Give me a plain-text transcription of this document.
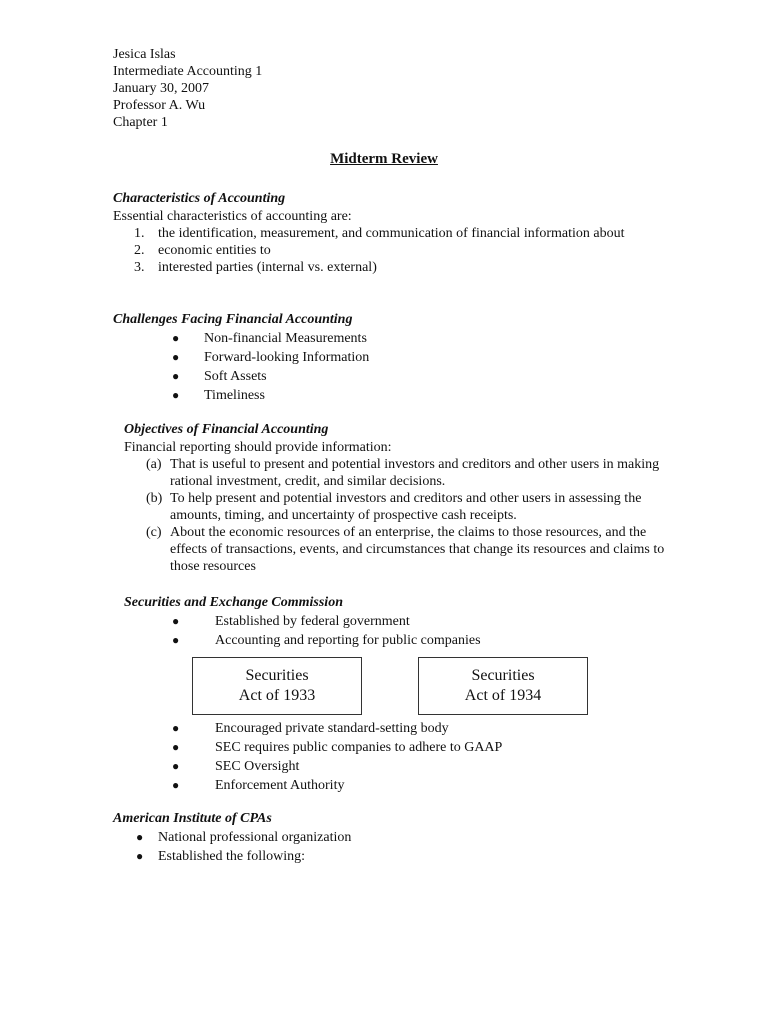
Jesica Islas
Intermediate Accounting 1
January 30, 2007
Professor A. Wu
Chapter 1
Midterm Review
Characteristics of Accounting
Essential characteristics of accounting are:
1. the identification, measurement, and communication of financial information about
2. economic entities to
3. interested parties (internal vs. external)
Challenges Facing Financial Accounting
● Non-financial Measurements
● Forward-looking Information
● Soft Assets
● Timeliness
Objectives of Financial Accounting
Financial reporting should provide information:
(a) That is useful to present and potential investors and creditors and other users in making rational investment, credit, and similar decisions.
(b) To help present and potential investors and creditors and other users in assessing the amounts, timing, and uncertainty of prospective cash receipts.
(c) About the economic resources of an enterprise, the claims to those resources, and the effects of transactions, events, and circumstances that change its resources and claims to those resources
Securities and Exchange Commission
●	Established by federal government
●	Accounting and reporting for public companies
Securities
Act of 1933
Securities
Act of 1934
●	Encouraged private standard-setting body
●	SEC requires public companies to adhere to GAAP
●	SEC Oversight
●	Enforcement Authority
American Institute of CPAs
● National professional organization
● Established the following:
